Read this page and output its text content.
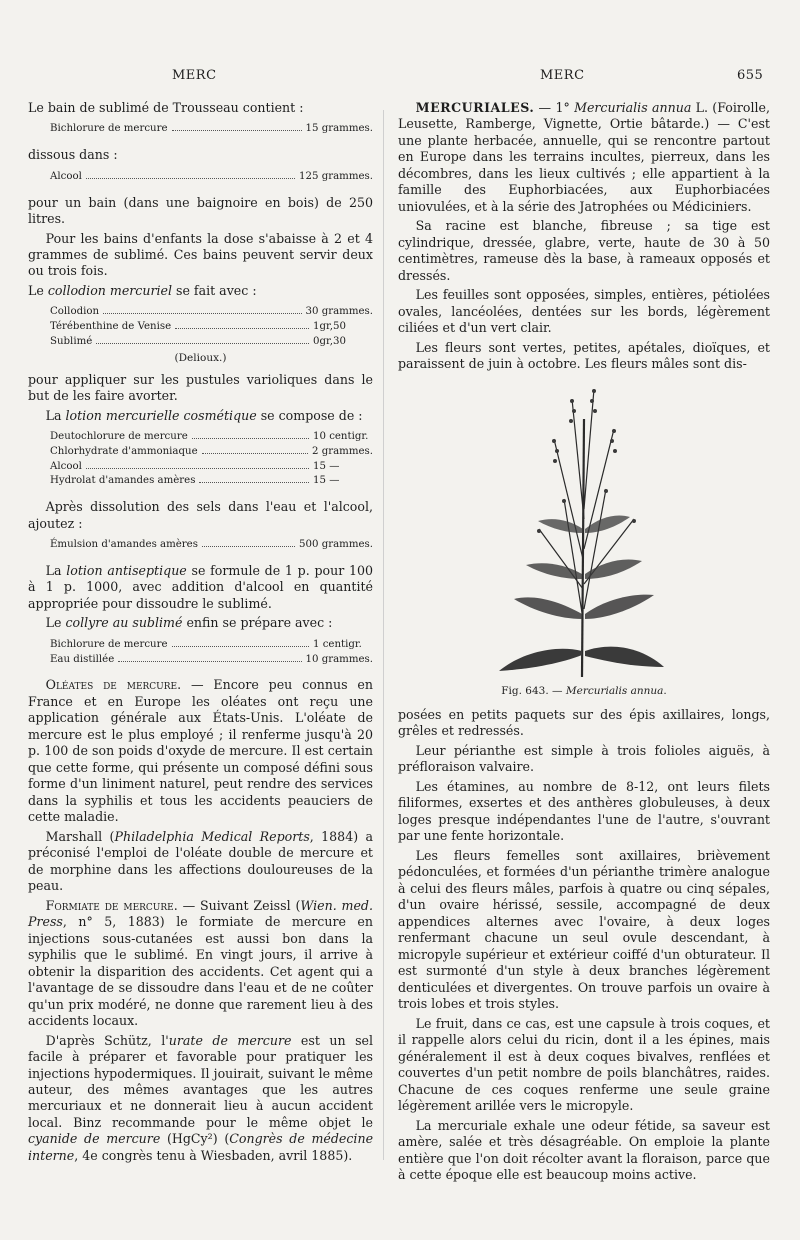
MERC	MERC	655

Le bain de sublimé de Trousseau contient :

Bichlorure de mercure	15 grammes.

dissous dans :

Alcool	125 grammes.

pour un bain (dans une baignoire en bois) de 250 litres.

Pour les bains d'enfants la dose s'abaisse à 2 et 4 grammes de sublimé. Ces bains peuvent servir deux ou trois fois.

Le collodion mercuriel se fait avec :

Collodion	30 grammes.
Térébenthine de Venise	1gr,50
Sublimé	0gr,30
(Delioux.)

pour appliquer sur les pustules varioliques dans le but de les faire avorter.

La lotion mercurielle cosmétique se compose de :

Deutochlorure de mercure	10 centigr.
Chlorhydrate d'ammoniaque	2 grammes.
Alcool	15 —
Hydrolat d'amandes amères	15 —

Après dissolution des sels dans l'eau et l'alcool, ajoutez :

Émulsion d'amandes amères	500 grammes.

La lotion antiseptique se formule de 1 p. pour 100 à 1 p. 1000, avec addition d'alcool en quantité appropriée pour dissoudre le sublimé.

Le collyre au sublimé enfin se prépare avec :

Bichlorure de mercure	1 centigr.
Eau distillée	10 grammes.

Oléates de mercure. — Encore peu connus en France et en Europe les oléates ont reçu une application générale aux États-Unis. L'oléate de mercure est le plus employé ; il renferme jusqu'à 20 p. 100 de son poids d'oxyde de mercure. Il est certain que cette forme, qui présente un composé défini sous forme d'un liniment naturel, peut rendre des services dans la syphilis et tous les accidents peauciers de cette maladie.

Marshall (Philadelphia Medical Reports, 1884) a préconisé l'emploi de l'oléate double de mercure et de morphine dans les affections douloureuses de la peau.

Formiate de mercure. — Suivant Zeissl (Wien. med. Press, n° 5, 1883) le formiate de mercure en injections sous-cutanées est aussi bon dans la syphilis que le sublimé. En vingt jours, il arrive à obtenir la disparition des accidents. Cet agent qui a l'avantage de se dissoudre dans l'eau et de ne coûter qu'un prix modéré, ne donne que rarement lieu à des accidents locaux.

D'après Schütz, l'urate de mercure est un sel facile à préparer et favorable pour pratiquer les injections hypodermiques. Il jouirait, suivant le même auteur, des mêmes avantages que les autres mercuriaux et ne donnerait lieu à aucun accident local. Binz recommande pour le même objet le cyanide de mercure (HgCy²) (Congrès de médecine interne, 4e congrès tenu à Wiesbaden, avril 1885).

MERCURIALES. — 1° Mercurialis annua L. (Foirolle, Leusette, Ramberge, Vignette, Ortie bâtarde.) — C'est une plante herbacée, annuelle, qui se rencontre partout en Europe dans les terrains incultes, pierreux, dans les décombres, dans les lieux cultivés ; elle appartient à la famille des Euphorbiacées, aux Euphorbiacées uniovulées, et à la série des Jatrophées ou Médiciniers.

Sa racine est blanche, fibreuse ; sa tige est cylindrique, dressée, glabre, verte, haute de 30 à 50 centimètres, rameuse dès la base, à rameaux opposés et dressés.

Les feuilles sont opposées, simples, entières, pétiolées ovales, lancéolées, dentées sur les bords, légèrement ciliées et d'un vert clair.

Les fleurs sont vertes, petites, apétales, dioïques, et paraissent de juin à octobre. Les fleurs mâles sont dis-

Fig. 643. — Mercurialis annua.

posées en petits paquets sur des épis axillaires, longs, grêles et redressés.

Leur périanthe est simple à trois folioles aiguës, à préfloraison valvaire.

Les étamines, au nombre de 8-12, ont leurs filets filiformes, exsertes et des anthères globuleuses, à deux loges presque indépendantes l'une de l'autre, s'ouvrant par une fente horizontale.

Les fleurs femelles sont axillaires, brièvement pédonculées, et formées d'un périanthe trimère analogue à celui des fleurs mâles, parfois à quatre ou cinq sépales, d'un ovaire hérissé, sessile, accompagné de deux appendices alternes avec l'ovaire, à deux loges renfermant chacune un seul ovule descendant, à micropyle supérieur et extérieur coiffé d'un obturateur. Il est surmonté d'un style à deux branches légèrement denticulées et divergentes. On trouve parfois un ovaire à trois lobes et trois styles.

Le fruit, dans ce cas, est une capsule à trois coques, et il rappelle alors celui du ricin, dont il a les épines, mais généralement il est à deux coques bivalves, renflées et couvertes d'un petit nombre de poils blanchâtres, raides. Chacune de ces coques renferme une seule graine légèrement arillée vers le micropyle.

La mercuriale exhale une odeur fétide, sa saveur est amère, salée et très désagréable. On emploie la plante entière que l'on doit récolter avant la floraison, parce que à cette époque elle est beaucoup moins active.
